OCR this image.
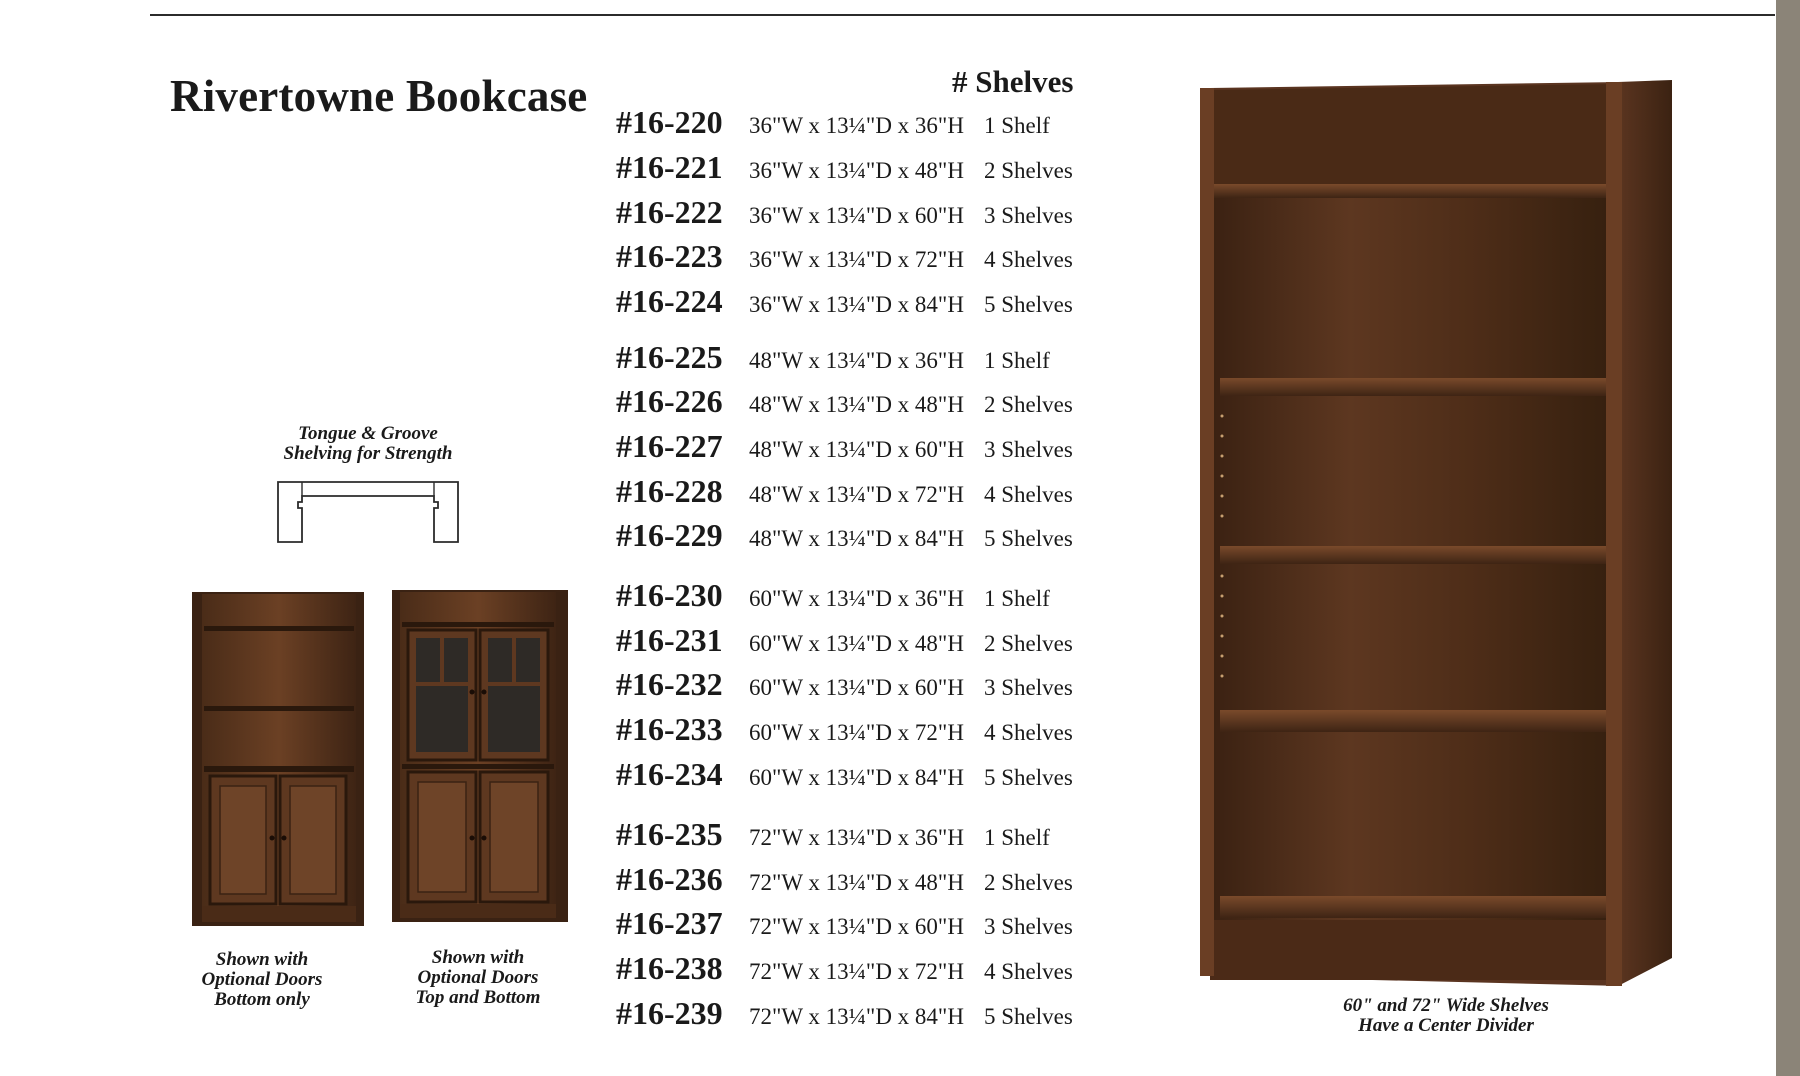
Rivertowne Bookcase	# Shelves
#16-220	36"W x 13¼"D x 36"H 1 Shelf
#16-221	36"W x 13¼"D x 48"H 2 Shelves
#16-222	36"W x 13¼"D x 60"H 3 Shelves
#16-223	36"W x 13¼"D x 72"H 4 Shelves
#16-224	36"W x 13¼"D x 84"H 5 Shelves
#16-225	48"W x 13¼"D x 36"H 1 Shelf
#16-226	48"W x 13¼"D x 48"H 2 Shelves
#16-227	48"W x 13¼"D x 60"H 3 Shelves
#16-228	48"W x 13¼"D x 72"H 4 Shelves
#16-229	48"W x 13¼"D x 84"H 5 Shelves
#16-230	60"W x 13¼"D x 36"H 1 Shelf
#16-231	60"W x 13¼"D x 48"H 2 Shelves
#16-232	60"W x 13¼"D x 60"H 3 Shelves
#16-233	60"W x 13¼"D x 72"H 4 Shelves
#16-234	60"W x 13¼"D x 84"H 5 Shelves
#16-235	72"W x 13¼"D x 36"H 1 Shelf
#16-236	72"W x 13¼"D x 48"H 2 Shelves
#16-237	72"W x 13¼"D x 60"H 3 Shelves
#16-238	72"W x 13¼"D x 72"H 4 Shelves
#16-239	72"W x 13¼"D x 84"H 5 Shelves
Tongue & Groove
Shelving for Strength
Shown with
Optional Doors
Bottom only
Shown with
Optional Doors
Top and Bottom	60" and 72" Wide Shelves
Have a Center Divider
